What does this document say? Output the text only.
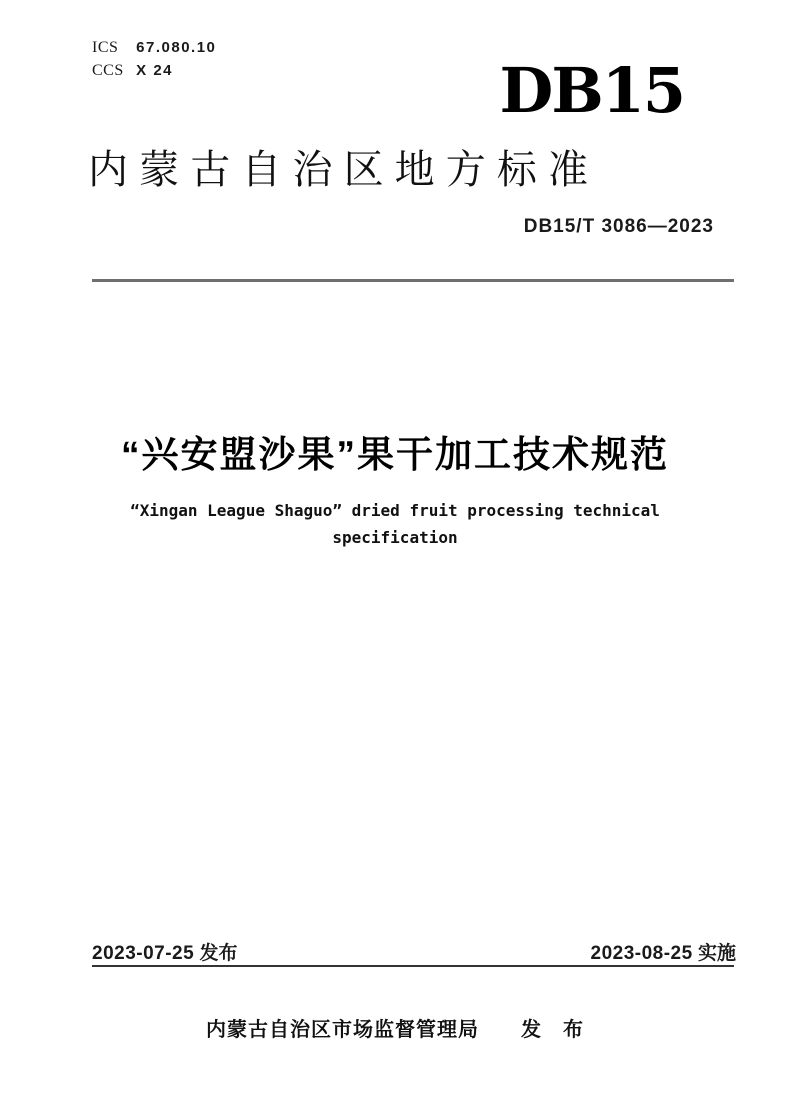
ICS 67.080.10
CCS X 24	DB15
内 蒙 古 自 治 区 地 方 标 准
DB15/T 3086—2023
“兴安盟沙果”果干加工技术规范
“Xingan League Shaguo” dried fruit processing technical
specification
2023-07-25 发布	2023-08-25 实施
内蒙古自治区市场监督管理局　　发　布
